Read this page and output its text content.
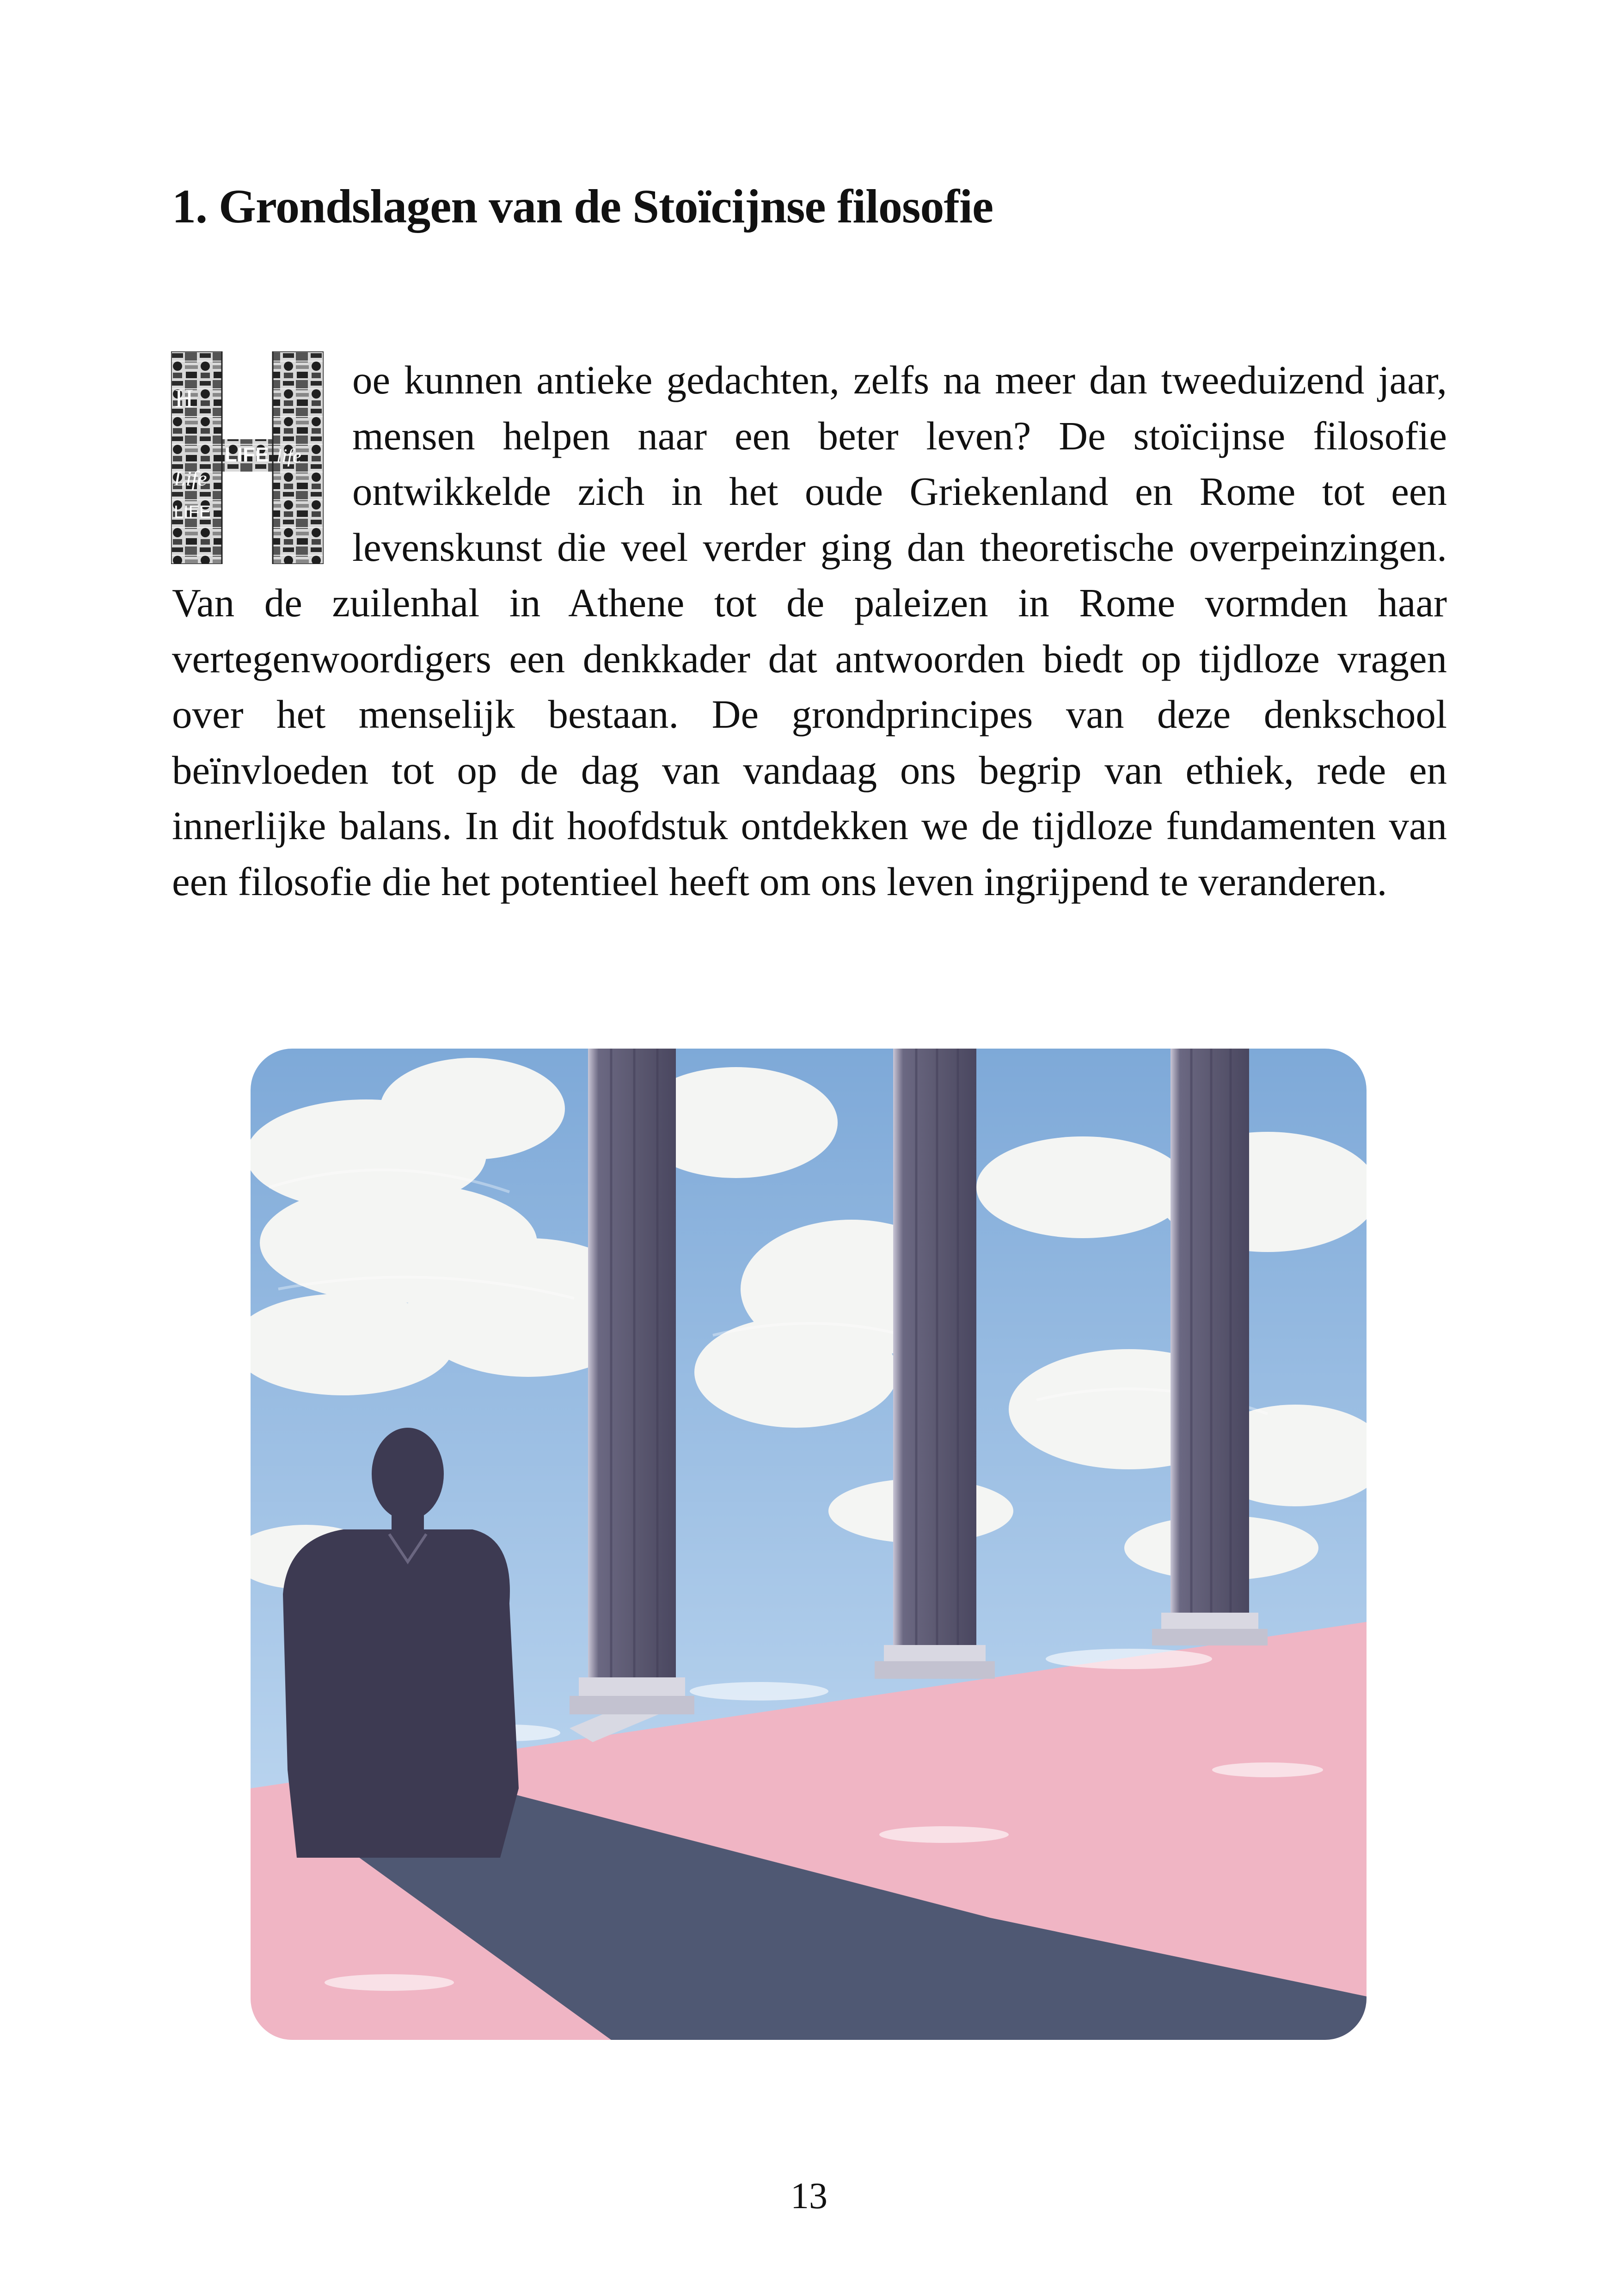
1. Grondslagen van de Stoïcijnse filosofie
H
LIFE life
Life
LIFE

oe kunnen antieke gedachten, zelfs na meer dan tweeduizend jaar, mensen helpen naar een beter leven? De stoïcijnse filosofie ontwikkelde zich in het oude Griekenland en Rome tot een levenskunst die veel verder ging dan theoretische overpeinzingen. Van de zuilenhal in Athene tot de paleizen in Rome vormden haar vertegenwoordigers een denkkader dat antwoorden biedt op tijdloze vragen over het menselijk bestaan. De grondprincipes van deze denkschool beïnvloeden tot op de dag van vandaag ons begrip van ethiek, rede en innerlijke balans. In dit hoofdstuk ontdekken we de tijdloze fundamenten van een filosofie die het potentieel heeft om ons leven ingrijpend te veranderen.

13
